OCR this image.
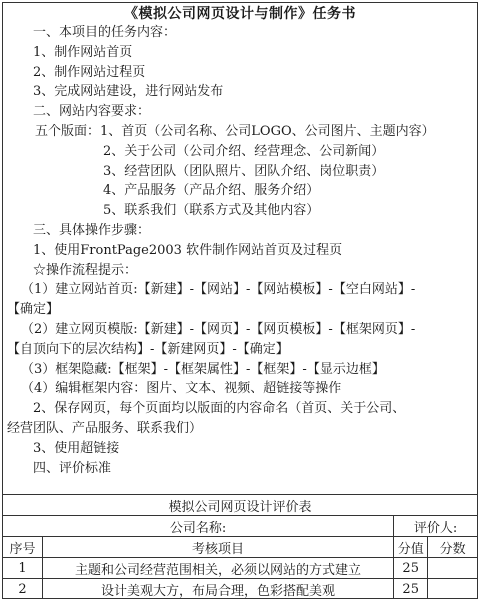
《模拟公司网页设计与制作》任务书
一、本项目的任务内容：
1、制作网站首页
2、制作网站过程页
3、完成网站建设，进行网站发布
二、网站内容要求：
五个版面：1、首页（公司名称、公司LOGO、公司图片、主题内容）
2、关于公司（公司介绍、经营理念、公司新闻）
3、经营团队（团队照片、团队介绍、岗位职责）
4、产品服务（产品介绍、服务介绍）
5、联系我们（联系方式及其他内容）
三、具体操作步骤：
1、使用FrontPage2003 软件制作网站首页及过程页
☆操作流程提示：
（1）建立网站首页:【新建】-【网站】-【网站模板】-【空白网站】-
【确定】
（2）建立网页模版:【新建】-【网页】-【网页模板】-【框架网页】-
【自顶向下的层次结构】-【新建网页】-【确定】
（3）框架隐藏:【框架】-【框架属性】-【框架】-【显示边框】
（4）编辑框架内容：图片、文本、视频、超链接等操作
2、保存网页，每个页面均以版面的内容命名（首页、关于公司、
经营团队、产品服务、联系我们）
3、使用超链接
四、评价标准
模拟公司网页设计评价表			
公司名称:		评价人:	
序号	考核项目	分值	分数
1	主题和公司经营范围相关，必须以网站的方式建立	25	
2	设计美观大方，布局合理，色彩搭配美观	25	
